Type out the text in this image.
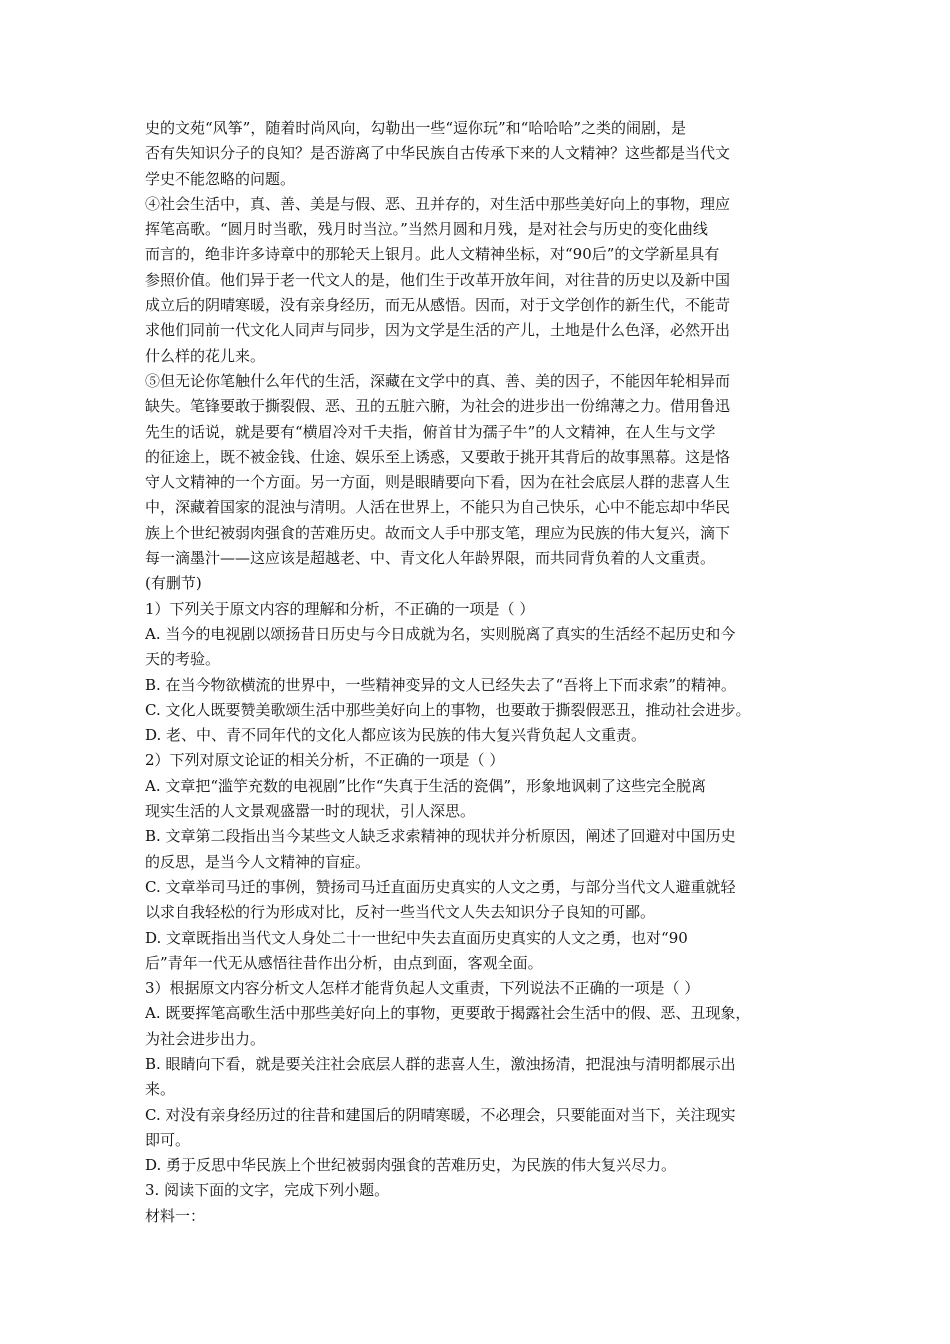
史的文苑“风筝”，随着时尚风向，勾勒出一些“逗你玩”和“哈哈哈”之类的闹剧，是
否有失知识分子的良知？是否游离了中华民族自古传承下来的人文精神？这些都是当代文
学史不能忽略的问题。
④社会生活中，真、善、美是与假、恶、丑并存的，对生活中那些美好向上的事物，理应
挥笔高歌。“圆月时当歌，残月时当泣。”当然月圆和月残，是对社会与历史的变化曲线
而言的，绝非许多诗章中的那轮天上银月。此人文精神坐标，对“90后”的文学新星具有
参照价值。他们异于老一代文人的是，他们生于改革开放年间，对往昔的历史以及新中国
成立后的阴晴寒暖，没有亲身经历，而无从感悟。因而，对于文学创作的新生代，不能苛
求他们同前一代文化人同声与同步，因为文学是生活的产儿，土地是什么色泽，必然开出
什么样的花儿来。
⑤但无论你笔触什么年代的生活，深藏在文学中的真、善、美的因子，不能因年轮相异而
缺失。笔锋要敢于撕裂假、恶、丑的五脏六腑，为社会的进步出一份绵薄之力。借用鲁迅
先生的话说，就是要有“横眉冷对千夫指，俯首甘为孺子牛”的人文精神，在人生与文学
的征途上，既不被金钱、仕途、娱乐至上诱惑，又要敢于挑开其背后的故事黑幕。这是恪
守人文精神的一个方面。另一方面，则是眼睛要向下看，因为在社会底层人群的悲喜人生
中，深藏着国家的混浊与清明。人活在世界上，不能只为自己快乐，心中不能忘却中华民
族上个世纪被弱肉强食的苦难历史。故而文人手中那支笔，理应为民族的伟大复兴，滴下
每一滴墨汁——这应该是超越老、中、青文化人年龄界限，而共同背负着的人文重责。
(有删节)
1）下列关于原文内容的理解和分析，不正确的一项是（ ）
A. 当今的电视剧以颂扬昔日历史与今日成就为名，实则脱离了真实的生活经不起历史和今
天的考验。
B. 在当今物欲横流的世界中，一些精神变异的文人已经失去了“吾将上下而求索”的精神。
C. 文化人既要赞美歌颂生活中那些美好向上的事物，也要敢于撕裂假恶丑，推动社会进步。
D. 老、中、青不同年代的文化人都应该为民族的伟大复兴背负起人文重责。
2）下列对原文论证的相关分析，不正确的一项是（ ）
A. 文章把“滥竽充数的电视剧”比作“失真于生活的瓷偶”，形象地讽刺了这些完全脱离
现实生活的人文景观盛嚣一时的现状，引人深思。
B. 文章第二段指出当今某些文人缺乏求索精神的现状并分析原因，阐述了回避对中国历史
的反思，是当今人文精神的盲症。
C. 文章举司马迁的事例，赞扬司马迁直面历史真实的人文之勇，与部分当代文人避重就轻
以求自我轻松的行为形成对比，反衬一些当代文人失去知识分子良知的可鄙。
D. 文章既指出当代文人身处二十一世纪中失去直面历史真实的人文之勇，也对“90
后”青年一代无从感悟往昔作出分析，由点到面，客观全面。
3）根据原文内容分析文人怎样才能背负起人文重责，下列说法不正确的一项是（ ）
A. 既要挥笔高歌生活中那些美好向上的事物，更要敢于揭露社会生活中的假、恶、丑现象，
为社会进步出力。
B. 眼睛向下看，就是要关注社会底层人群的悲喜人生，激浊扬清，把混浊与清明都展示出
来。
C. 对没有亲身经历过的往昔和建国后的阴晴寒暖，不必理会，只要能面对当下，关注现实
即可。
D. 勇于反思中华民族上个世纪被弱肉强食的苦难历史，为民族的伟大复兴尽力。
3. 阅读下面的文字，完成下列小题。
材料一：
